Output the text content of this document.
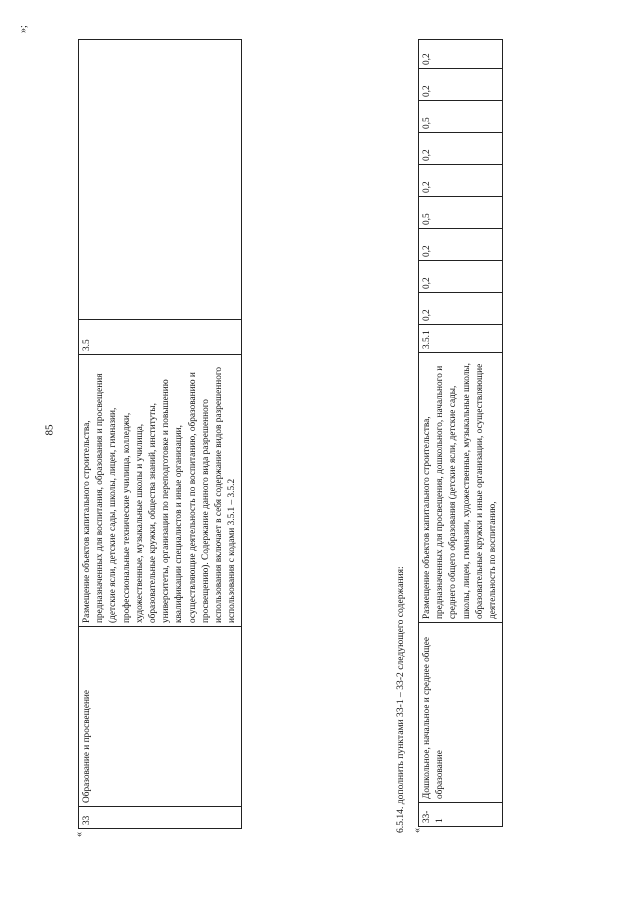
85
«
33	Образование и просвещение	Размещение объектов капитального строительства, предназначенных для воспитания, образования и просвещения (детские ясли, детские сады, школы, лицеи, гимназии, профессиональные технические училища, колледжи, художественные, музыкальные школы и училища, образовательные кружки, общества знаний, институты, университеты, организации по переподготовке и повышению квалификации специалистов и иные организации, осуществляющие деятельность по воспитанию, образованию и просвещению). Содержание данного вида разрешенного использования включает в себя содержание видов разрешенного использования с кодами 3.5.1 – 3.5.2	3.5	
6.5.14. дополнить пунктами 33-1 – 33-2 следующего содержания: «
33-1	Дошкольное, начальное и среднее общее образование	Размещение объектов капитального строительства, предназначенных для просвещения, дошкольного, начального и среднего общего образования (детские ясли, детские сады, школы, лицеи, гимназии, художественные, музыкальные школы, образовательные кружки и иные организации, осуществляющие деятельность по воспитанию,	3.5.1	0,2	0,2	0,2	0,5	0,2	0,2	0,5	0,2	0,2
»;
